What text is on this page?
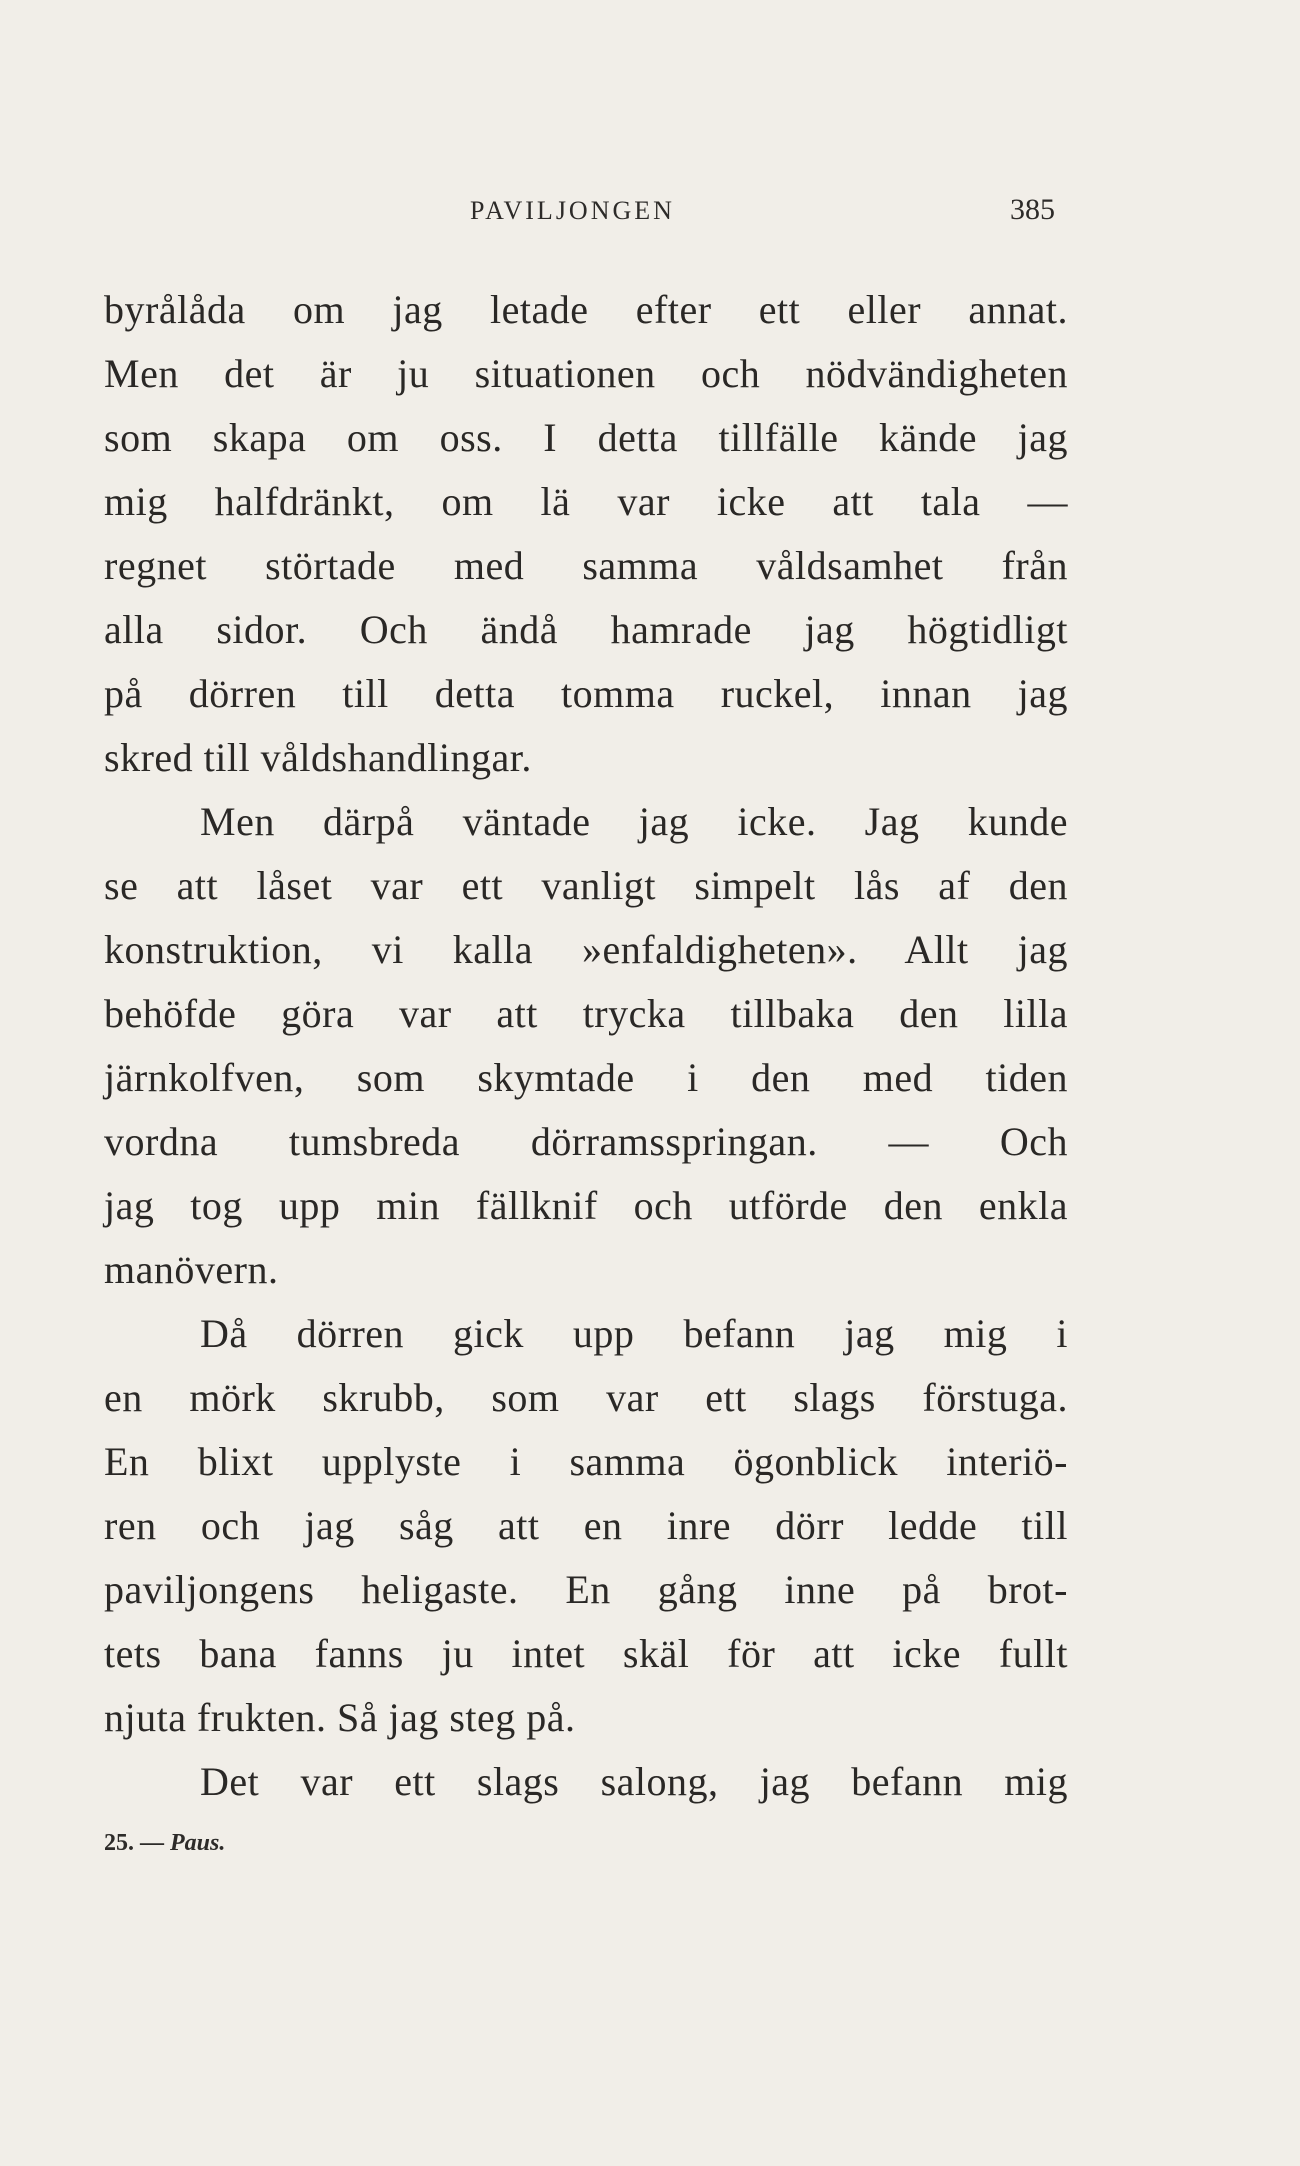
PAVILJONGEN	385
byrålåda om jag letade efter ett eller annat.
Men det är ju situationen och nödvändigheten
som skapa om oss. I detta tillfälle kände jag
mig halfdränkt, om lä var icke att tala —
regnet störtade med samma våldsamhet från
alla sidor. Och ändå hamrade jag högtidligt
på dörren till detta tomma ruckel, innan jag
skred till våldshandlingar.
Men därpå väntade jag icke. Jag kunde
se att låset var ett vanligt simpelt lås af den
konstruktion, vi kalla »enfaldigheten». Allt jag
behöfde göra var att trycka tillbaka den lilla
järnkolfven, som skymtade i den med tiden
vordna tumsbreda dörramsspringan. — Och
jag tog upp min fällknif och utförde den enkla
manövern.
Då dörren gick upp befann jag mig i
en mörk skrubb, som var ett slags förstuga.
En blixt upplyste i samma ögonblick interiö-
ren och jag såg att en inre dörr ledde till
paviljongens heligaste. En gång inne på brot-
tets bana fanns ju intet skäl för att icke fullt
njuta frukten. Så jag steg på.
Det var ett slags salong, jag befann mig
25. — Paus.
